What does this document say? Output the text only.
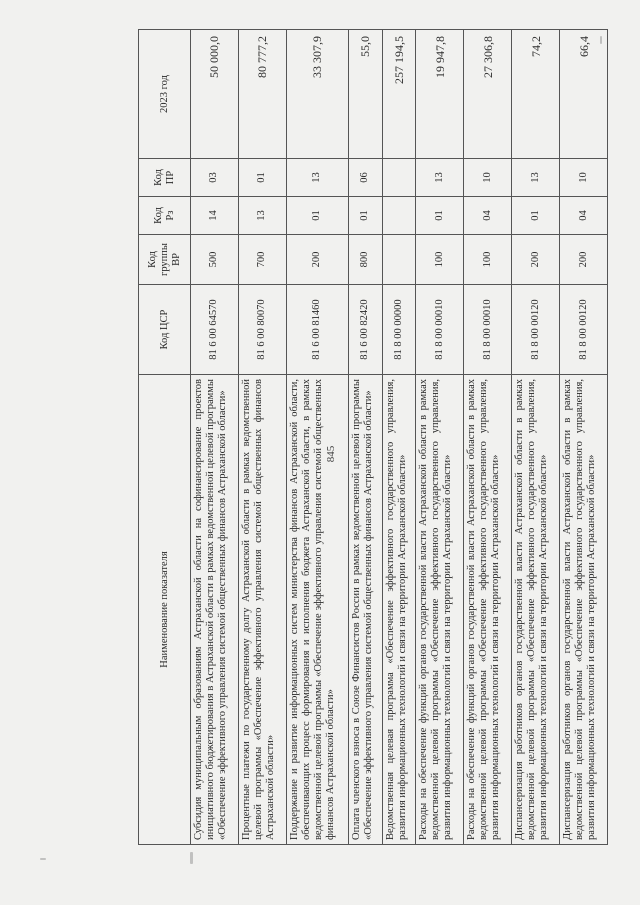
845
Наименование показателя	Код ЦСР	Код группы ВР	Код Рз	Код ПР	2023 год
Субсидия муниципальным образованиям Астраханской области на софинансирование проектов инициативного бюджетирования в Астраханской области в рамках ведомственной целевой программы «Обеспечение эффективного управления системой общественных финансов Астраханской области»	81 6 00 64570	500	14	03	50 000,0
Процентные платежи по государственному долгу Астраханской области в рамках ведомственной целевой программы «Обеспечение эффективного управления системой общественных финансов Астраханской области»	81 6 00 80070	700	13	01	80 777,2
Поддержание и развитие информационных систем министерства финансов Астраханской области, обеспечивающих процесс формирования и исполнения бюджета Астраханской области, в рамках ведомственной целевой программы «Обеспечение эффективного управления системой общественных финансов Астраханской области»	81 6 00 81460	200	01	13	33 307,9
Оплата членского взноса в Союзе Финансистов России в рамках ведомственной целевой программы «Обеспечение эффективного управления системой общественных финансов Астраханской области»	81 6 00 82420	800	01	06	55,0
Ведомственная целевая программа «Обеспечение эффективного государственного управления, развития информационных технологий и связи на территории Астраханской области»	81 8 00 00000				257 194,5
Расходы на обеспечение функций органов государственной власти Астраханской области в рамках ведомственной целевой программы «Обеспечение эффективного государственного управления, развития информационных технологий и связи на территории Астраханской области»	81 8 00 00010	100	01	13	19 947,8
Расходы на обеспечение функций органов государственной власти Астраханской области в рамках ведомственной целевой программы «Обеспечение эффективного государственного управления, развития информационных технологий и связи на территории Астраханской области»	81 8 00 00010	100	04	10	27 306,8
Диспансеризация работников органов государственной власти Астраханской области в рамках ведомственной целевой программы «Обеспечение эффективного государственного управления, развития информационных технологий и связи на территории Астраханской области»	81 8 00 00120	200	01	13	74,2
Диспансеризация работников органов государственной власти Астраханской области в рамках ведомственной целевой программы «Обеспечение эффективного государственного управления, развития информационных технологий и связи на территории Астраханской области»	81 8 00 00120	200	04	10	66,4
